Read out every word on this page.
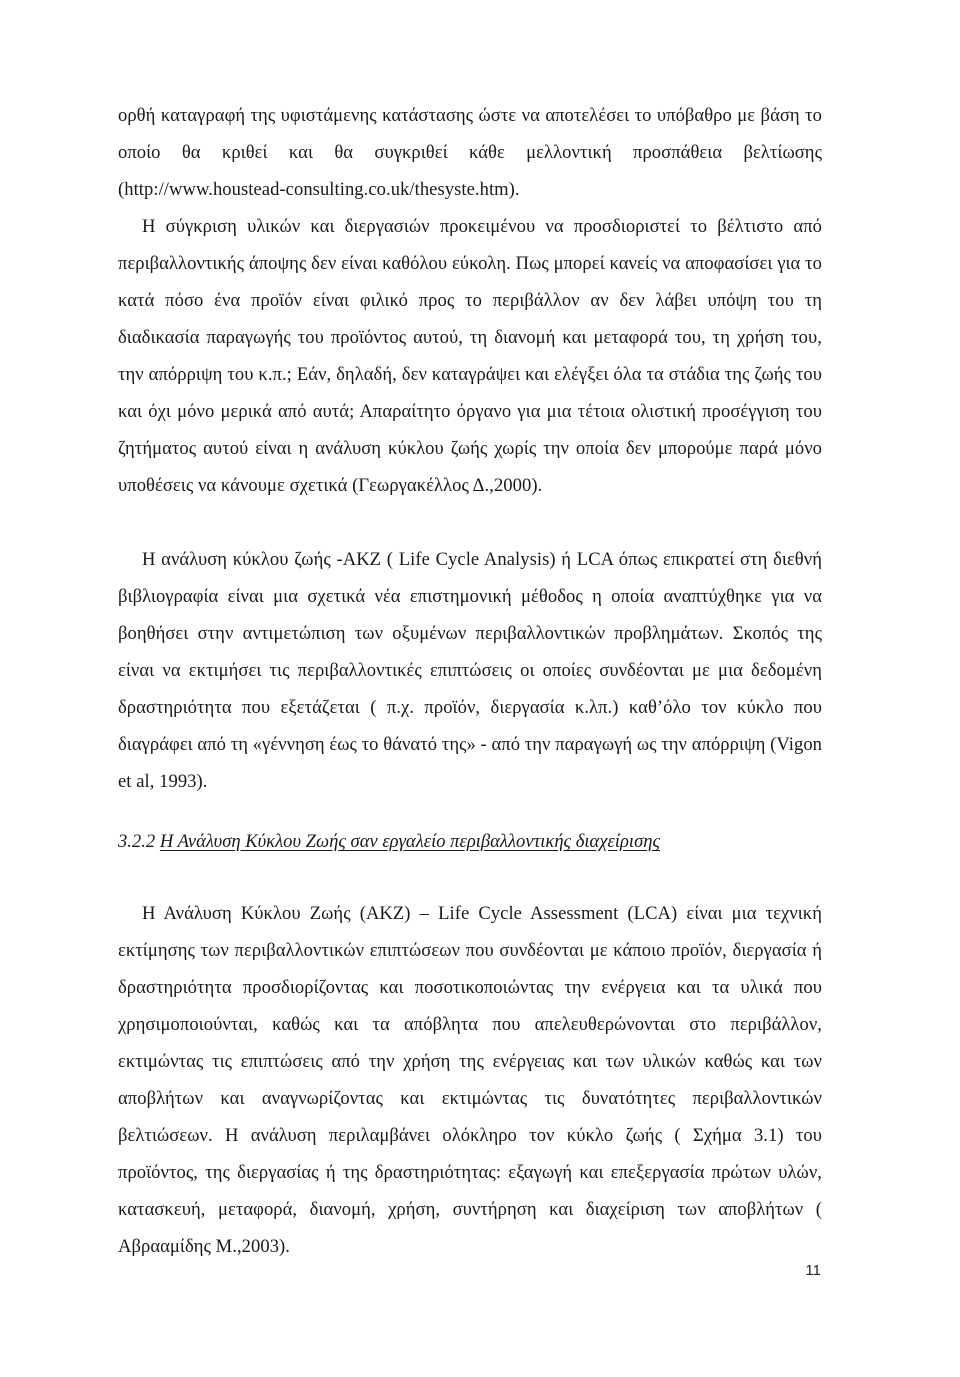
ορθή καταγραφή της υφιστάμενης κατάστασης ώστε να αποτελέσει το υπόβαθρο με βάση το οποίο θα κριθεί και θα συγκριθεί κάθε μελλοντική προσπάθεια βελτίωσης (http://www.houstead-consulting.co.uk/thesyste.htm).

Η σύγκριση υλικών και διεργασιών προκειμένου να προσδιοριστεί το βέλτιστο από περιβαλλοντικής άποψης δεν είναι καθόλου εύκολη. Πως μπορεί κανείς να αποφασίσει για το κατά πόσο ένα προϊόν είναι φιλικό προς το περιβάλλον αν δεν λάβει υπόψη του τη διαδικασία παραγωγής του προϊόντος αυτού, τη διανομή και μεταφορά του, τη χρήση του, την απόρριψη του κ.π.; Εάν, δηλαδή, δεν καταγράψει και ελέγξει όλα τα στάδια της ζωής του και όχι μόνο μερικά από αυτά; Απαραίτητο όργανο για μια τέτοια ολιστική προσέγγιση του ζητήματος αυτού είναι η ανάλυση κύκλου ζωής χωρίς την οποία δεν μπορούμε παρά μόνο υποθέσεις να κάνουμε σχετικά (Γεωργακέλλος Δ.,2000).

Η ανάλυση κύκλου ζωής -ΑΚΖ ( Life Cycle Analysis) ή LCA όπως επικρατεί στη διεθνή βιβλιογραφία είναι μια σχετικά νέα επιστημονική μέθοδος η οποία αναπτύχθηκε για να βοηθήσει στην αντιμετώπιση των οξυμένων περιβαλλοντικών προβλημάτων. Σκοπός της είναι να εκτιμήσει τις περιβαλλοντικές επιπτώσεις οι οποίες συνδέονται με μια δεδομένη δραστηριότητα που εξετάζεται ( π.χ. προϊόν, διεργασία κ.λπ.) καθ’όλο τον κύκλο που διαγράφει από τη «γέννηση έως το θάνατό της» - από την παραγωγή ως την απόρριψη (Vigon et al, 1993).

3.2.2 Η Ανάλυση Κύκλου Ζωής σαν εργαλείο περιβαλλοντικής διαχείρισης

Η Ανάλυση Κύκλου Ζωής (ΑΚΖ) – Life Cycle Assessment (LCA) είναι μια τεχνική εκτίμησης των περιβαλλοντικών επιπτώσεων που συνδέονται με κάποιο προϊόν, διεργασία ή δραστηριότητα προσδιορίζοντας και ποσοτικοποιώντας την ενέργεια και τα υλικά που χρησιμοποιούνται, καθώς και τα απόβλητα που απελευθερώνονται στο περιβάλλον, εκτιμώντας τις επιπτώσεις από την χρήση της ενέργειας και των υλικών καθώς και των αποβλήτων και αναγνωρίζοντας και εκτιμώντας τις δυνατότητες περιβαλλοντικών βελτιώσεων. Η ανάλυση περιλαμβάνει ολόκληρο τον κύκλο ζωής ( Σχήμα 3.1) του προϊόντος, της διεργασίας ή της δραστηριότητας: εξαγωγή και επεξεργασία πρώτων υλών, κατασκευή, μεταφορά, διανομή, χρήση, συντήρηση και διαχείριση των αποβλήτων ( Αβρααμίδης Μ.,2003).

11
